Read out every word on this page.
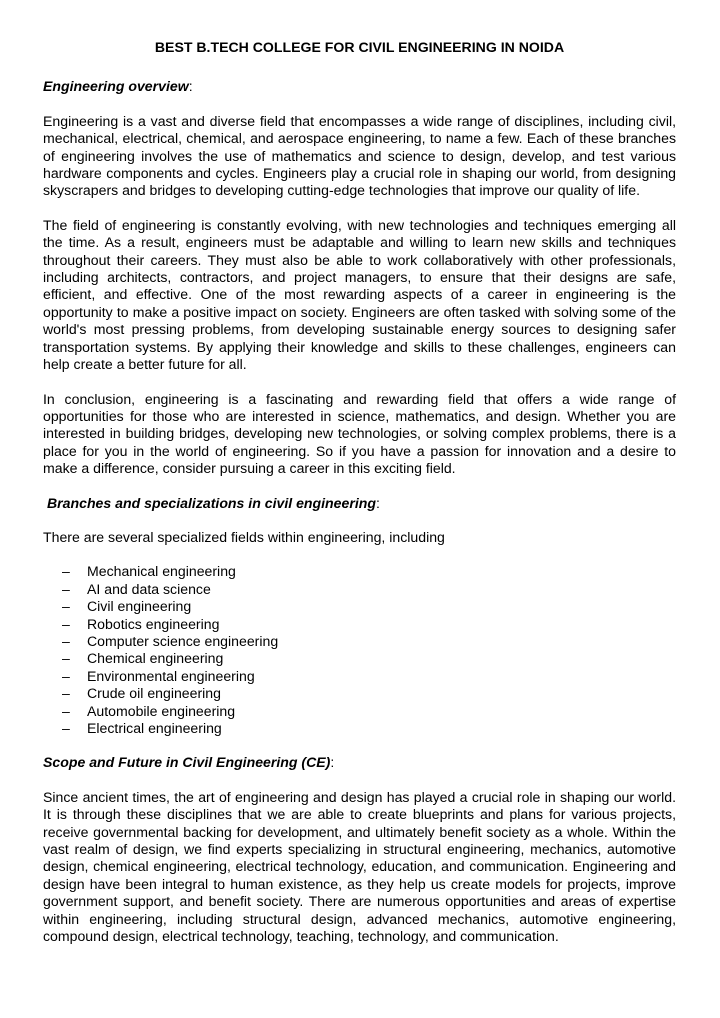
BEST B.TECH COLLEGE FOR CIVIL ENGINEERING IN NOIDA
Engineering overview:

Engineering is a vast and diverse field that encompasses a wide range of disciplines, including civil, mechanical, electrical, chemical, and aerospace engineering, to name a few. Each of these branches of engineering involves the use of mathematics and science to design, develop, and test various hardware components and cycles. Engineers play a crucial role in shaping our world, from designing skyscrapers and bridges to developing cutting-edge technologies that improve our quality of life.

The field of engineering is constantly evolving, with new technologies and techniques emerging all the time. As a result, engineers must be adaptable and willing to learn new skills and techniques throughout their careers. They must also be able to work collaboratively with other professionals, including architects, contractors, and project managers, to ensure that their designs are safe, efficient, and effective. One of the most rewarding aspects of a career in engineering is the opportunity to make a positive impact on society. Engineers are often tasked with solving some of the world's most pressing problems, from developing sustainable energy sources to designing safer transportation systems. By applying their knowledge and skills to these challenges, engineers can help create a better future for all.

In conclusion, engineering is a fascinating and rewarding field that offers a wide range of opportunities for those who are interested in science, mathematics, and design. Whether you are interested in building bridges, developing new technologies, or solving complex problems, there is a place for you in the world of engineering. So if you have a passion for innovation and a desire to make a difference, consider pursuing a career in this exciting field.

Branches and specializations in civil engineering:

There are several specialized fields within engineering, including

– Mechanical engineering
– AI and data science
– Civil engineering
– Robotics engineering
– Computer science engineering
– Chemical engineering
– Environmental engineering
– Crude oil engineering
– Automobile engineering
– Electrical engineering
Scope and Future in Civil Engineering (CE):

Since ancient times, the art of engineering and design has played a crucial role in shaping our world. It is through these disciplines that we are able to create blueprints and plans for various projects, receive governmental backing for development, and ultimately benefit society as a whole. Within the vast realm of design, we find experts specializing in structural engineering, mechanics, automotive design, chemical engineering, electrical technology, education, and communication. Engineering and design have been integral to human existence, as they help us create models for projects, improve government support, and benefit society. There are numerous opportunities and areas of expertise within engineering, including structural design, advanced mechanics, automotive engineering, compound design, electrical technology, teaching, technology, and communication.
